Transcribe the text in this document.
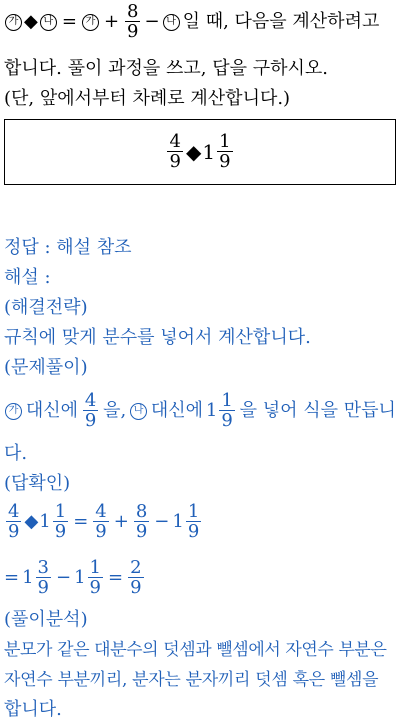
가 ◆ 나 = 가 + $\frac{8}{9}$ − 나 일 때, 다음을 계산하려고
합니다. 풀이 과정을 쓰고, 답을 구하시오.
(단, 앞에서부터 차례로 계산합니다.)
$\frac{4}{9}$ ◆ $1 \frac{1}{9}$
정답 : 해설 참조
해설 :
(해결전략)
규칙에 맞게 분수를 넣어서 계산합니다.
(문제풀이)
가 대신에 $\frac{4}{9}$ 을, 나 대신에 $1 \frac{1}{9}$ 을 넣어 식을 만듭니
다.
(답확인)
$\frac{4}{9}$ ◆ $1 \frac{1}{9} = \frac{4}{9} + \frac{8}{9} - 1 \frac{1}{9}$
= $1 \frac{3}{9} - 1 \frac{1}{9} = \frac{2}{9}$
(풀이분석)
분모가 같은 대분수의 덧셈과 뺄셈에서 자연수 부분은
자연수 부분끼리, 분자는 분자끼리 덧셈 혹은 뺄셈을
합니다.
